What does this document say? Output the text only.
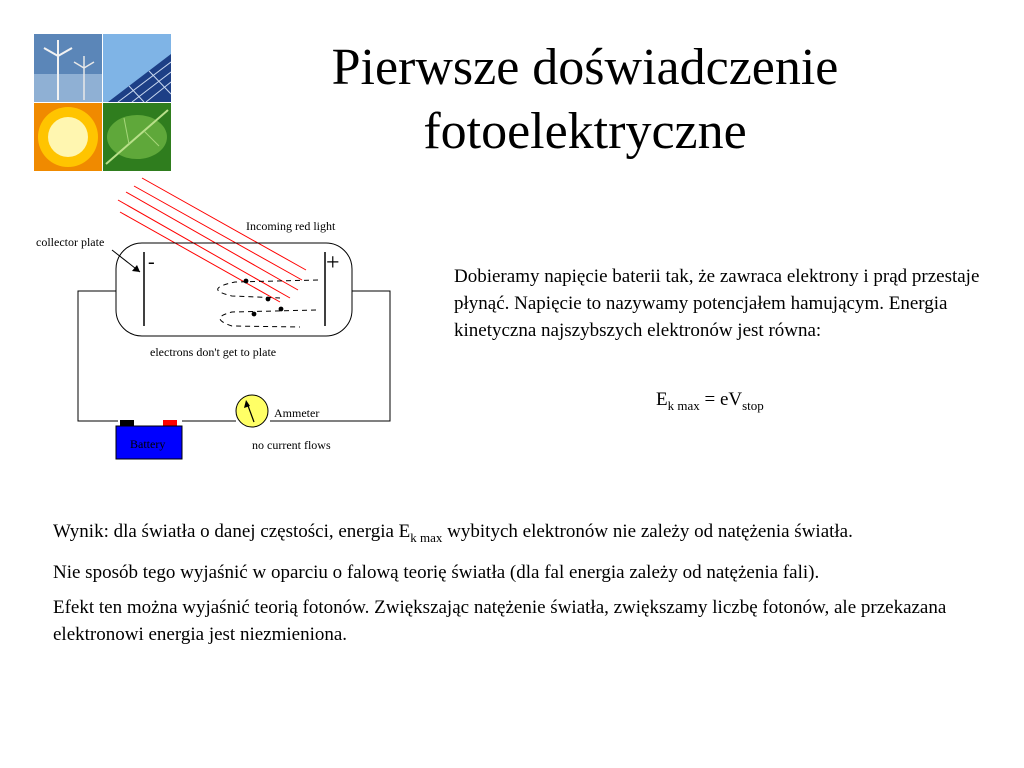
Pierwsze doświadczenie
fotoelektryczne
Incoming red light
-	+
collector plate
electrons don't get to plate
Ammeter
Battery	no current flows
Dobieramy napięcie baterii tak, że zawraca elektrony i prąd przestaje płynąć. Napięcie to nazywamy potencjałem hamującym. Energia kinetyczna najszybszych elektronów jest równa:
$E_{k max} = eV_{stop}$

Wynik: dla światła o danej częstości, energia $E_{k max}$ wybitych elektronów nie zależy od natężenia światła.

Nie sposób tego wyjaśnić w oparciu o falową teorię światła (dla fal energia zależy od natężenia fali).

Efekt ten można wyjaśnić teorią fotonów. Zwiększając natężenie światła, zwiększamy liczbę fotonów, ale przekazana elektronowi energia jest niezmieniona.
